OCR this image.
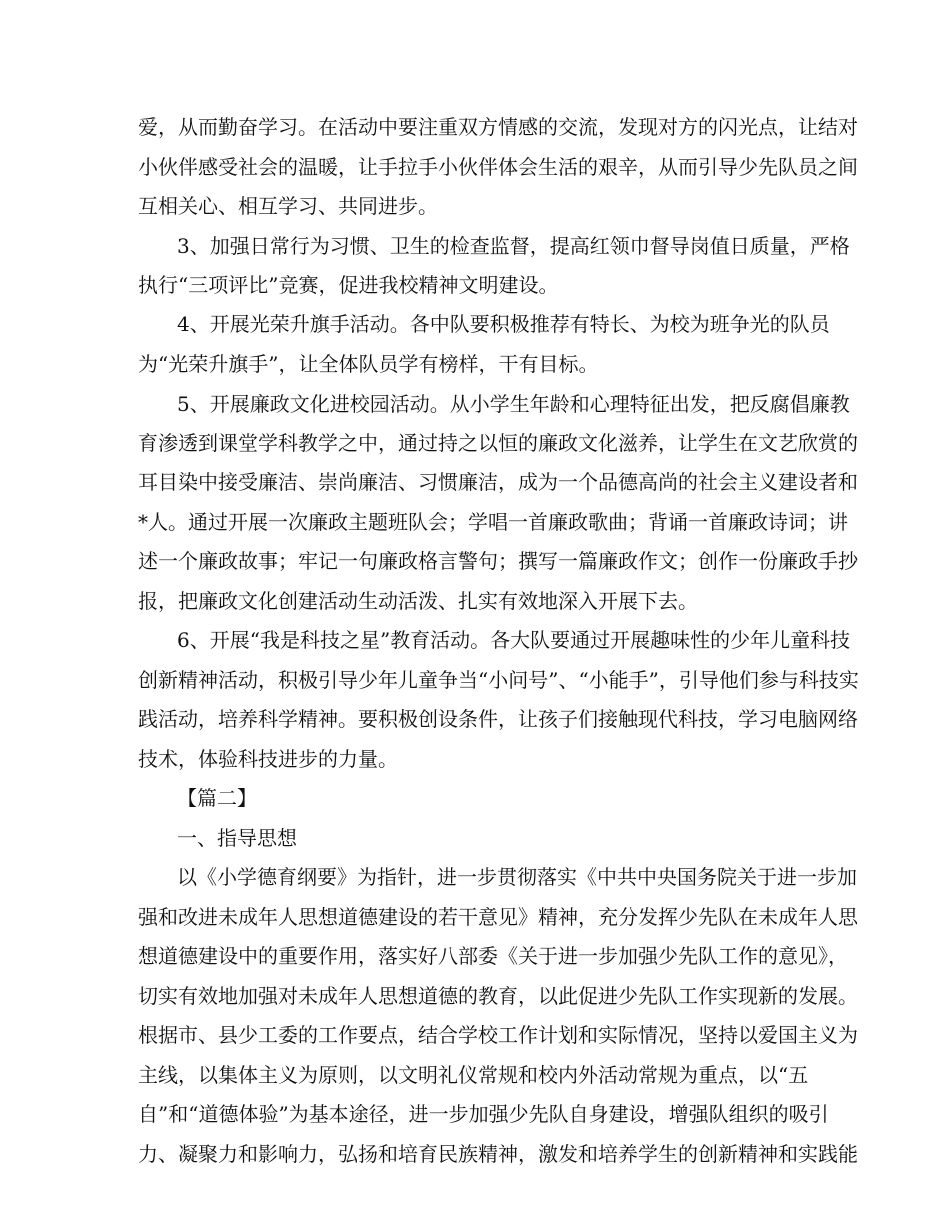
爱，从而勤奋学习。在活动中要注重双方情感的交流，发现对方的闪光点，让结对
小伙伴感受社会的温暖，让手拉手小伙伴体会生活的艰辛，从而引导少先队员之间
互相关心、相互学习、共同进步。
3、加强日常行为习惯、卫生的检查监督，提高红领巾督导岗值日质量，严格
执行“三项评比”竞赛，促进我校精神文明建设。
4、开展光荣升旗手活动。各中队要积极推荐有特长、为校为班争光的队员
为“光荣升旗手”，让全体队员学有榜样，干有目标。
5、开展廉政文化进校园活动。从小学生年龄和心理特征出发，把反腐倡廉教
育渗透到课堂学科教学之中，通过持之以恒的廉政文化滋养，让学生在文艺欣赏的
耳目染中接受廉洁、崇尚廉洁、习惯廉洁，成为一个品德高尚的社会主义建设者和
*人。通过开展一次廉政主题班队会；学唱一首廉政歌曲；背诵一首廉政诗词；讲
述一个廉政故事；牢记一句廉政格言警句；撰写一篇廉政作文；创作一份廉政手抄
报，把廉政文化创建活动生动活泼、扎实有效地深入开展下去。
6、开展“我是科技之星”教育活动。各大队要通过开展趣味性的少年儿童科技
创新精神活动，积极引导少年儿童争当“小问号”、“小能手”，引导他们参与科技实
践活动，培养科学精神。要积极创设条件，让孩子们接触现代科技，学习电脑网络
技术，体验科技进步的力量。
【篇二】
一、指导思想
以《小学德育纲要》为指针，进一步贯彻落实《中共中央国务院关于进一步加
强和改进未成年人思想道德建设的若干意见》精神，充分发挥少先队在未成年人思
想道德建设中的重要作用，落实好八部委《关于进一步加强少先队工作的意见》，
切实有效地加强对未成年人思想道德的教育，以此促进少先队工作实现新的发展。
根据市、县少工委的工作要点，结合学校工作计划和实际情况，坚持以爱国主义为
主线，以集体主义为原则，以文明礼仪常规和校内外活动常规为重点，以“五
自”和“道德体验”为基本途径，进一步加强少先队自身建设，增强队组织的吸引
力、凝聚力和影响力，弘扬和培育民族精神，激发和培养学生的创新精神和实践能
